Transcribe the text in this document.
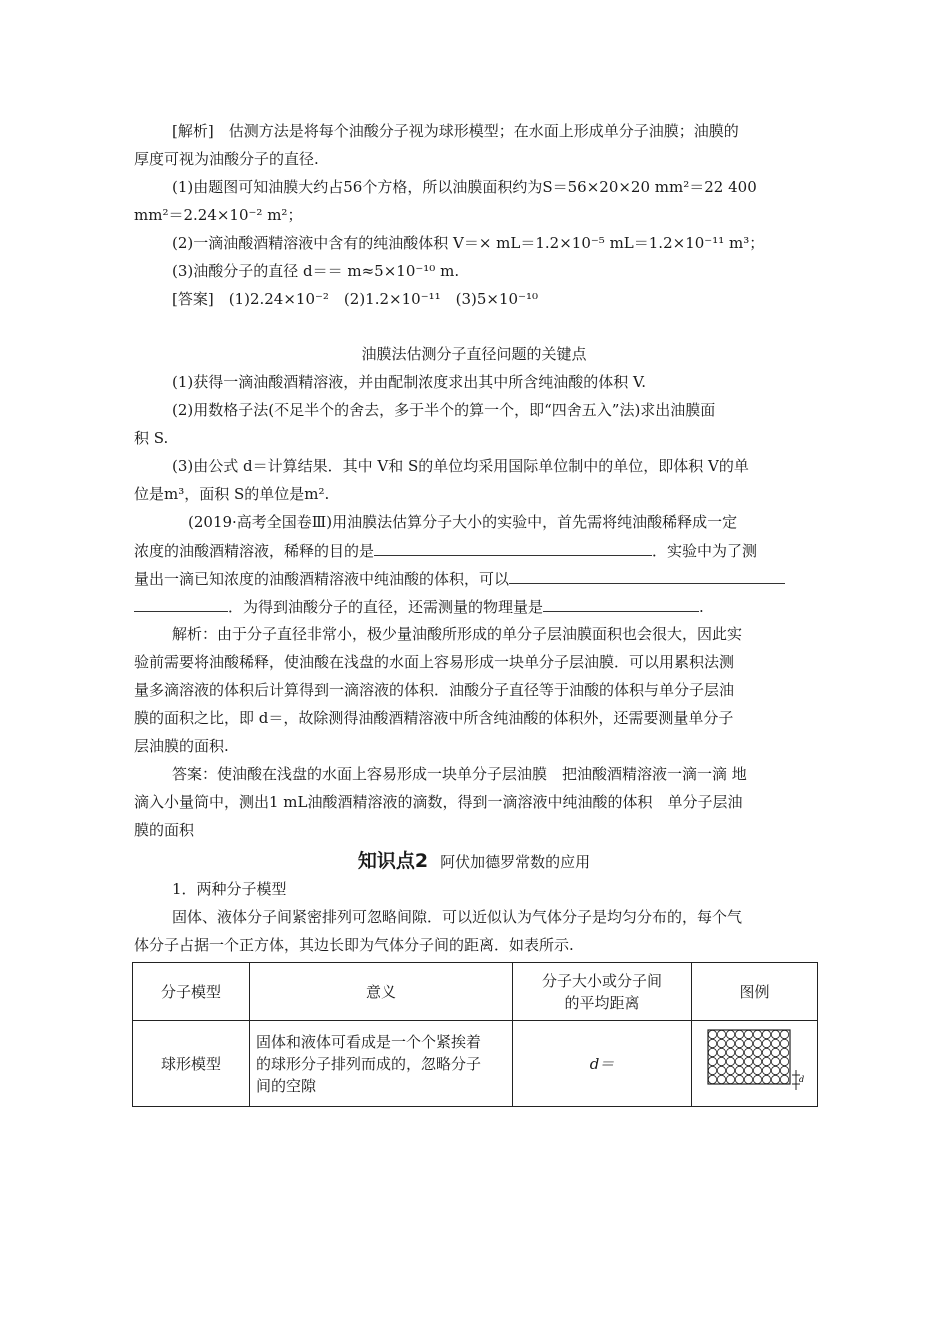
[解析]　估测方法是将每个油酸分子视为球形模型；在水面上形成单分子油膜；油膜的
厚度可视为油酸分子的直径.
(1)由题图可知油膜大约占56个方格，所以油膜面积约为S＝56×20×20 mm²＝22 400
mm²＝2.24×10⁻² m²；
(2)一滴油酸酒精溶液中含有的纯油酸体积 V＝× mL＝1.2×10⁻⁵ mL＝1.2×10⁻¹¹ m³；
(3)油酸分子的直径 d＝＝ m≈5×10⁻¹⁰ m.
[答案]　(1)2.24×10⁻²　(2)1.2×10⁻¹¹　(3)5×10⁻¹⁰
油膜法估测分子直径问题的关键点
(1)获得一滴油酸酒精溶液，并由配制浓度求出其中所含纯油酸的体积 V.
(2)用数格子法(不足半个的舍去，多于半个的算一个，即“四舍五入”法)求出油膜面
积 S.
(3)由公式 d＝计算结果．其中 V和 S的单位均采用国际单位制中的单位，即体积 V的单
位是m³，面积 S的单位是m².
(2019·高考全国卷Ⅲ)用油膜法估算分子大小的实验中，首先需将纯油酸稀释成一定
浓度的油酸酒精溶液，稀释的目的是	．实验中为了测
量出一滴已知浓度的油酸酒精溶液中纯油酸的体积，可以
．为得到油酸分子的直径，还需测量的物理量是	.
解析：由于分子直径非常小，极少量油酸所形成的单分子层油膜面积也会很大，因此实
验前需要将油酸稀释，使油酸在浅盘的水面上容易形成一块单分子层油膜．可以用累积法测
量多滴溶液的体积后计算得到一滴溶液的体积．油酸分子直径等于油酸的体积与单分子层油
膜的面积之比，即 d＝，故除测得油酸酒精溶液中所含纯油酸的体积外，还需要测量单分子
层油膜的面积.
答案：使油酸在浅盘的水面上容易形成一块单分子层油膜　把油酸酒精溶液一滴一滴 地
滴入小量筒中，测出1 mL油酸酒精溶液的滴数，得到一滴溶液中纯油酸的体积　单分子层油
膜的面积
知识点2 阿伏加德罗常数的应用
1．两种分子模型
固体、液体分子间紧密排列可忽略间隙．可以近似认为气体分子是均匀分布的，每个气
体分子占据一个正方体，其边长即为气体分子间的距离．如表所示.
分子模型	意义	分子大小或分子间
的平均距离	图例
球形模型	固体和液体可看成是一个个紧挨着
的球形分子排列而成的，忽略分子
间的空隙	d＝	d
